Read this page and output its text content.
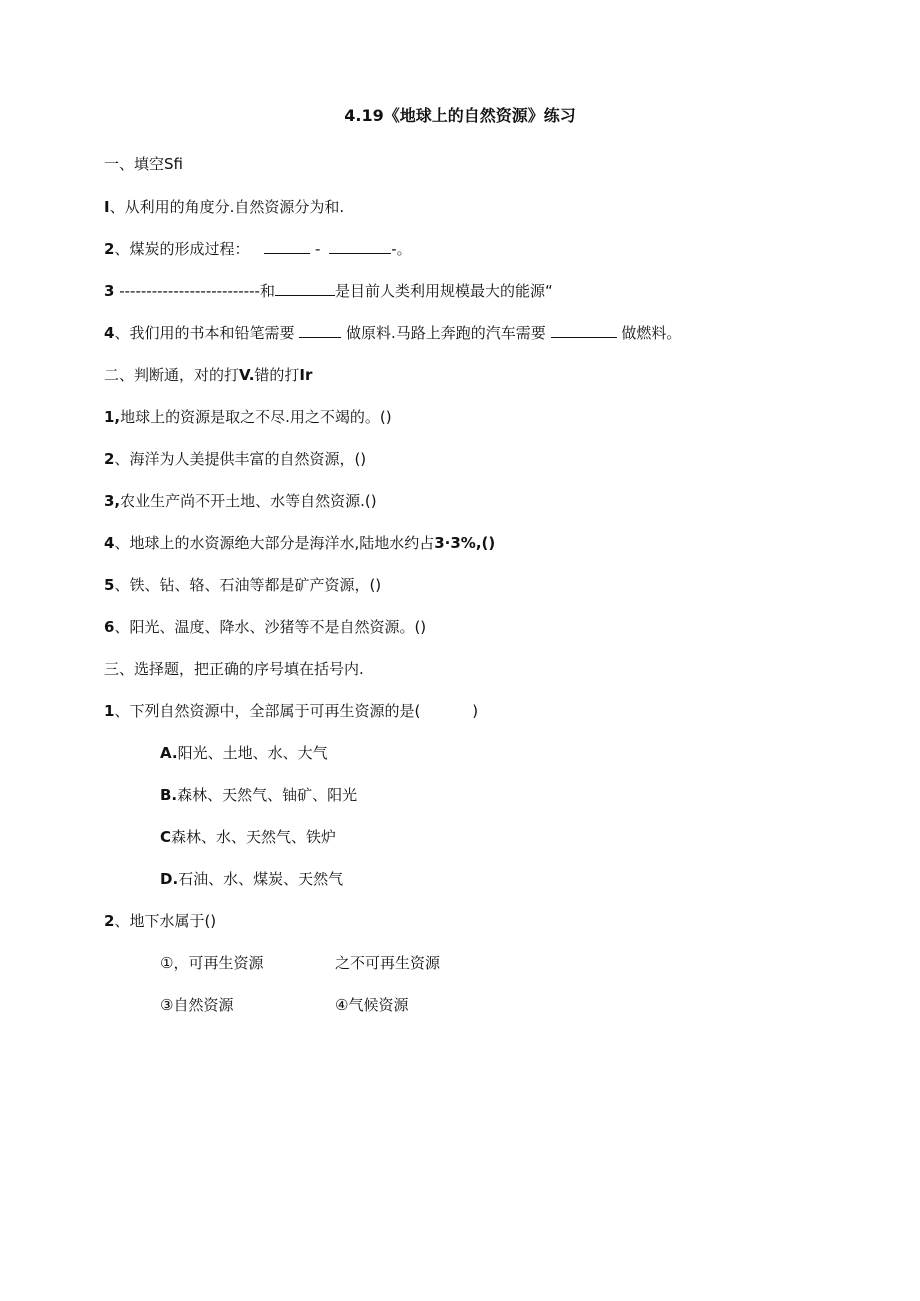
4.19《地球上的自然资源》练习
一、填空Sfi
I、从利用的角度分.自然资源分为和.
2、煤炭的形成过程：	-	-。
3 --------------------------和	是目前人类利用规模最大的能源“
4、我们用的书本和铅笔需要	做原料.马路上奔跑的汽车需要	做燃料。
二、判断通，对的打V.错的打Ir
1,地球上的资源是取之不尽.用之不竭的。()
2、海洋为人美提供丰富的自然资源，()
3,农业生产尚不开土地、水等自然资源.()
4、地球上的水资源绝大部分是海洋水,陆地水约占3·3%,()
5、铁、钻、辂、石油等都是矿产资源，()
6、阳光、温度、降水、沙猪等不是自然资源。()
三、选择题，把正确的序号填在括号内.
1、下列自然资源中，全部属于可再生资源的是(	)
A.阳光、土地、水、大气
B.森林、天然气、铀矿、阳光
C森林、水、天然气、铁炉
D.石油、水、煤炭、天然气
2、地下水属于()
①，可再生资源	之不可再生资源
③自然资源	④气候资源
